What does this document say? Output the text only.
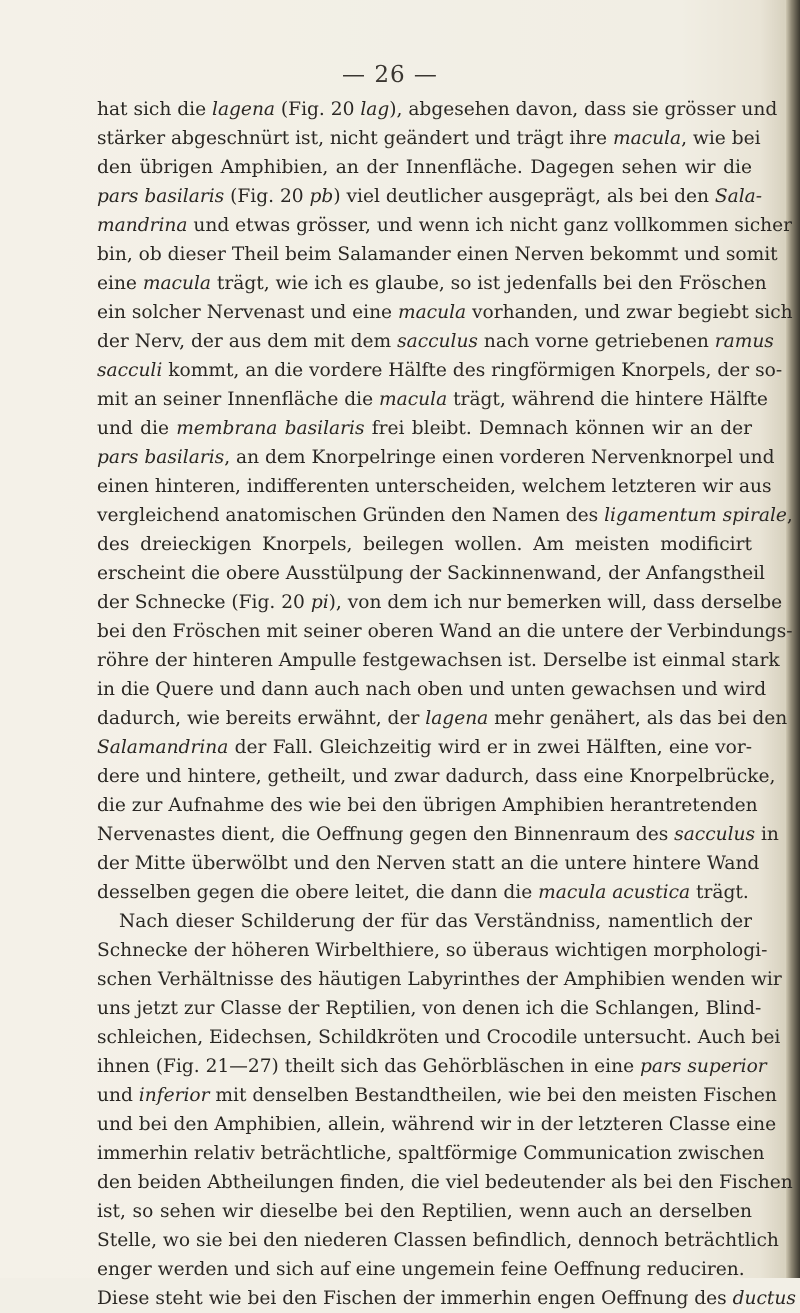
— 26 —
hat sich die lagena (Fig. 20 lag), abgesehen davon, dass sie grösser und
stärker abgeschnürt ist, nicht geändert und trägt ihre macula, wie bei
den übrigen Amphibien, an der Innenfläche. Dagegen sehen wir die
pars basilaris (Fig. 20 pb) viel deutlicher ausgeprägt, als bei den Sala-
mandrina und etwas grösser, und wenn ich nicht ganz vollkommen sicher
bin, ob dieser Theil beim Salamander einen Nerven bekommt und somit
eine macula trägt, wie ich es glaube, so ist jedenfalls bei den Fröschen
ein solcher Nervenast und eine macula vorhanden, und zwar begiebt sich
der Nerv, der aus dem mit dem sacculus nach vorne getriebenen ramus
sacculi kommt, an die vordere Hälfte des ringförmigen Knorpels, der so-
mit an seiner Innenfläche die macula trägt, während die hintere Hälfte
und die membrana basilaris frei bleibt. Demnach können wir an der
pars basilaris, an dem Knorpelringe einen vorderen Nervenknorpel und
einen hinteren, indifferenten unterscheiden, welchem letzteren wir aus
vergleichend anatomischen Gründen den Namen des ligamentum spirale,
des dreieckigen Knorpels, beilegen wollen. Am meisten modificirt
erscheint die obere Ausstülpung der Sackinnenwand, der Anfangstheil
der Schnecke (Fig. 20 pi), von dem ich nur bemerken will, dass derselbe
bei den Fröschen mit seiner oberen Wand an die untere der Verbindungs-
röhre der hinteren Ampulle festgewachsen ist. Derselbe ist einmal stark
in die Quere und dann auch nach oben und unten gewachsen und wird
dadurch, wie bereits erwähnt, der lagena mehr genähert, als das bei den
Salamandrina der Fall. Gleichzeitig wird er in zwei Hälften, eine vor-
dere und hintere, getheilt, und zwar dadurch, dass eine Knorpelbrücke,
die zur Aufnahme des wie bei den übrigen Amphibien herantretenden
Nervenastes dient, die Oeffnung gegen den Binnenraum des sacculus in
der Mitte überwölbt und den Nerven statt an die untere hintere Wand
desselben gegen die obere leitet, die dann die macula acustica trägt.
Nach dieser Schilderung der für das Verständniss, namentlich der
Schnecke der höheren Wirbelthiere, so überaus wichtigen morphologi-
schen Verhältnisse des häutigen Labyrinthes der Amphibien wenden wir
uns jetzt zur Classe der Reptilien, von denen ich die Schlangen, Blind-
schleichen, Eidechsen, Schildkröten und Crocodile untersucht. Auch bei
ihnen (Fig. 21—27) theilt sich das Gehörbläschen in eine pars superior
und inferior mit denselben Bestandtheilen, wie bei den meisten Fischen
und bei den Amphibien, allein, während wir in der letzteren Classe eine
immerhin relativ beträchtliche, spaltförmige Communication zwischen
den beiden Abtheilungen finden, die viel bedeutender als bei den Fischen
ist, so sehen wir dieselbe bei den Reptilien, wenn auch an derselben
Stelle, wo sie bei den niederen Classen befindlich, dennoch beträchtlich
enger werden und sich auf eine ungemein feine Oeffnung reduciren.
Diese steht wie bei den Fischen der immerhin engen Oeffnung des ductus
